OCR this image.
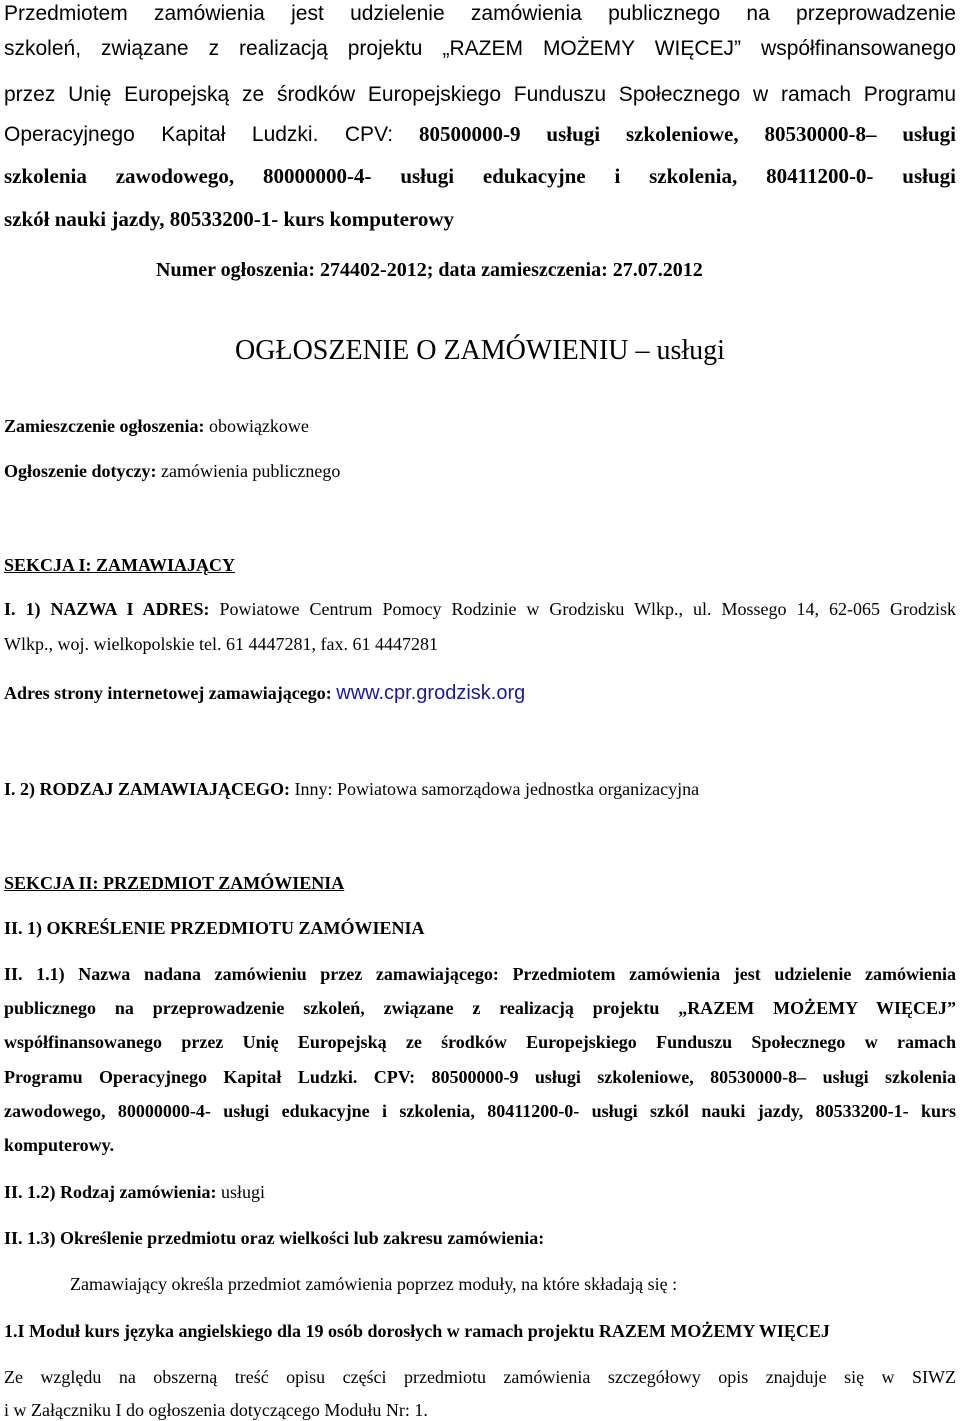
Przedmiotem zamówienia jest udzielenie zamówienia publicznego na przeprowadzenie
szkoleń, związane z realizacją projektu „RAZEM MOŻEMY WIĘCEJ” współfinansowanego
przez Unię Europejską ze środków Europejskiego Funduszu Społecznego w ramach Programu
Operacyjnego Kapitał Ludzki. CPV: 80500000-9 usługi szkoleniowe, 80530000-8– usługi
szkolenia zawodowego, 80000000-4- usługi edukacyjne i szkolenia, 80411200-0- usługi
szkół nauki jazdy, 80533200-1- kurs komputerowy
Numer ogłoszenia: 274402-2012; data zamieszczenia: 27.07.2012
OGŁOSZENIE O ZAMÓWIENIU – usługi
Zamieszczenie ogłoszenia: obowiązkowe
Ogłoszenie dotyczy: zamówienia publicznego
SEKCJA I: ZAMAWIAJĄCY
I. 1) NAZWA I ADRES: Powiatowe Centrum Pomocy Rodzinie w Grodzisku Wlkp., ul. Mossego 14, 62-065 Grodzisk
Wlkp., woj. wielkopolskie tel. 61 4447281, fax. 61 4447281
Adres strony internetowej zamawiającego: www.cpr.grodzisk.org
I. 2) RODZAJ ZAMAWIAJĄCEGO: Inny: Powiatowa samorządowa jednostka organizacyjna
SEKCJA II: PRZEDMIOT ZAMÓWIENIA
II. 1) OKREŚLENIE PRZEDMIOTU ZAMÓWIENIA
II. 1.1) Nazwa nadana zamówieniu przez zamawiającego: Przedmiotem zamówienia jest udzielenie zamówienia
publicznego na przeprowadzenie szkoleń, związane z realizacją projektu „RAZEM MOŻEMY WIĘCEJ”
współfinansowanego przez Unię Europejską ze środków Europejskiego Funduszu Społecznego w ramach
Programu Operacyjnego Kapitał Ludzki. CPV: 80500000-9 usługi szkoleniowe, 80530000-8– usługi szkolenia
zawodowego, 80000000-4- usługi edukacyjne i szkolenia, 80411200-0- usługi szkól nauki jazdy, 80533200-1- kurs
komputerowy.
II. 1.2) Rodzaj zamówienia: usługi
II. 1.3) Określenie przedmiotu oraz wielkości lub zakresu zamówienia:
Zamawiający określa przedmiot zamówienia poprzez moduły, na które składają się :
1.I Moduł kurs języka angielskiego dla 19 osób dorosłych w ramach projektu RAZEM MOŻEMY WIĘCEJ
Ze względu na obszerną treść opisu części przedmiotu zamówienia szczegółowy opis znajduje się w SIWZ
i w Załączniku I do ogłoszenia dotyczącego Modułu Nr: 1.
